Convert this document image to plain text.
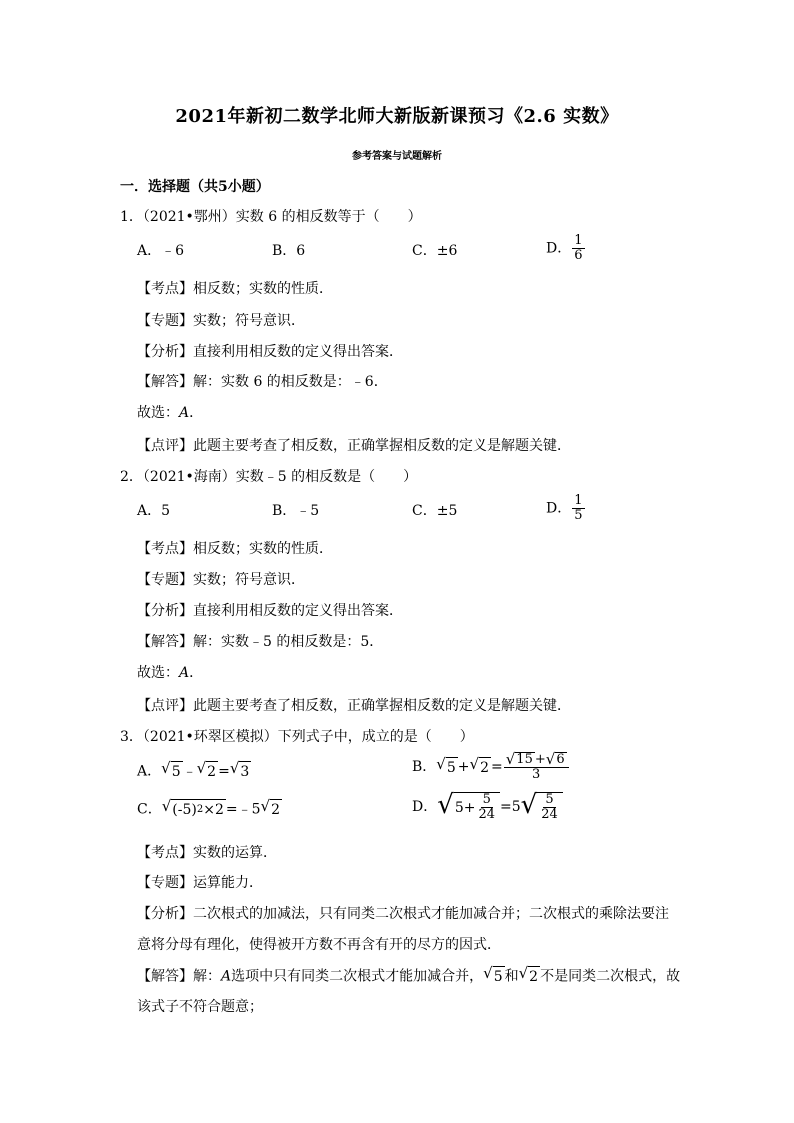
2021年新初二数学北师大新版新课预习《2.6 实数》
参考答案与试题解析
一．选择题（共5小题）
1．（2021•鄂州）实数 6 的相反数等于（　　）
A．﹣6	B．6	C．±6	D． $\frac{1}{6}$
【考点】相反数；实数的性质．
【专题】实数；符号意识．
【分析】直接利用相反数的定义得出答案．
【解答】解：实数 6 的相反数是：﹣6．
故选：A．
【点评】此题主要考查了相反数，正确掌握相反数的定义是解题关键．
2．（2021•海南）实数﹣5 的相反数是（　　）
A．5	B．﹣5	C．±5	D． $\frac{1}{5}$
【考点】相反数；实数的性质．
【专题】实数；符号意识．
【分析】直接利用相反数的定义得出答案．
【解答】解：实数﹣5 的相反数是：5．
故选：A．
【点评】此题主要考查了相反数，正确掌握相反数的定义是解题关键．
3．（2021•环翠区模拟）下列式子中，成立的是（　　）
A． √ 5 ﹣ √ 2 = √ 3	B． √ 5 + √ $2 = \frac{√ 15 + √ 6}{3}$
C． √ (-5) 2 ×2 =﹣5 √ 2	D． √ $5+ \frac{5}{24} =5$ √ $\frac{5}{24}$
【考点】实数的运算．
【专题】运算能力．
【分析】二次根式的加减法，只有同类二次根式才能加减合并；二次根式的乘除法要注
意将分母有理化，使得被开方数不再含有开的尽方的因式．
【解答】解：A选项中只有同类二次根式才能加减合并， √ 5 和 √ 2 不是同类二次根式，故
该式子不符合题意；
